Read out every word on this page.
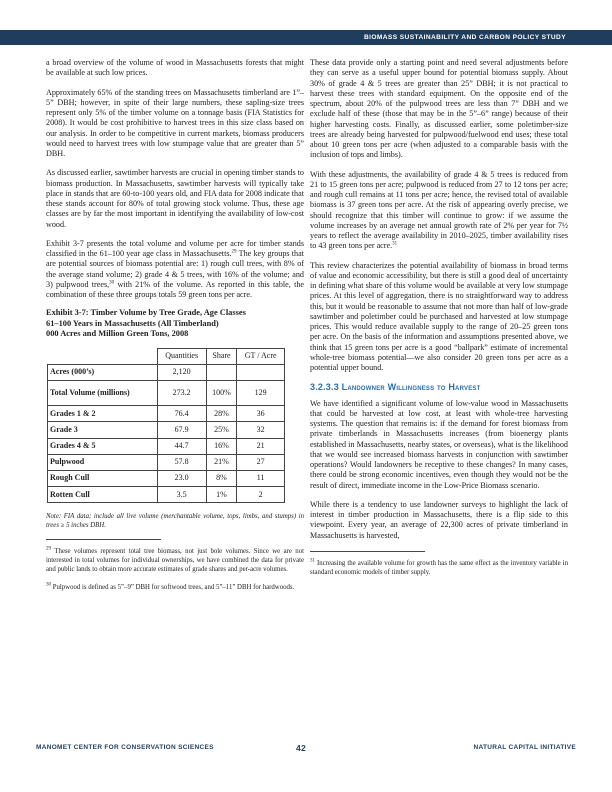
BIOMASS SUSTAINABILITY AND CARBON POLICY STUDY

a broad overview of the volume of wood in Massachusetts forests that might be available at such low prices.

Approximately 65% of the standing trees on Massachusetts timberland are 1”–5” DBH; however, in spite of their large numbers, these sapling-size trees represent only 5% of the timber volume on a tonnage basis (FIA Statistics for 2008). It would be cost prohibitive to harvest trees in this size class based on our analysis. In order to be competitive in current markets, biomass producers would need to harvest trees with low stumpage value that are greater than 5” DBH.

As discussed earlier, sawtimber harvests are crucial in opening timber stands to biomass production. In Massachusetts, sawtimber harvests will typically take place in stands that are 60-to-100 years old, and FIA data for 2008 indicate that these stands account for 80% of total growing stock volume. Thus, these age classes are by far the most important in identifying the availability of low-cost wood.

Exhibit 3-7 presents the total volume and volume per acre for timber stands classified in the 61–100 year age class in Massachusetts.$^{29}$ The key groups that are potential sources of biomass potential are: 1) rough cull trees, with 8% of the average stand volume; 2) grade 4 & 5 trees, with 16% of the volume; and 3) pulpwood trees,$^{30}$ with 21% of the volume. As reported in this table, the combination of these three groups totals 59 green tons per acre.

Exhibit 3-7: Timber Volume by Tree Grade, Age Classes
61–100 Years in Massachusetts (All Timberland)
000 Acres and Million Green Tons, 2008
	Quantities	Share	GT / Acre
Acres (000’s)	2,120		
Total Volume (millions)	273.2	100%	129
Grades 1 & 2	76.4	28%	36
Grade 3	67.9	25%	32
Grades 4 & 5	44.7	16%	21
Pulpwood	57.8	21%	27
Rough Cull	23.0	8%	11
Rotten Cull	3.5	1%	2

Note: FIA data; include all live volume (merchantable volume, tops, limbs, and stumps) in trees ≥ 5 inches DBH.

$^{29}$ These volumes represent total tree biomass, not just bole volumes. Since we are not interested in total volumes for individual ownerships, we have combined the data for private and public lands to obtain more accurate estimates of grade shares and per-acre volumes.

$^{30}$ Pulpwood is defined as 5”–9” DBH for softwood trees, and 5”–11” DBH for hardwoods.

These data provide only a starting point and need several adjustments before they can serve as a useful upper bound for potential biomass supply. About 30% of grade 4 & 5 trees are greater than 25” DBH; it is not practical to harvest these trees with standard equipment. On the opposite end of the spectrum, about 20% of the pulpwood trees are less than 7” DBH and we exclude half of these (those that may be in the 5”–6” range) because of their higher harvesting costs. Finally, as discussed earlier, some poletimber-size trees are already being harvested for pulpwood/fuelwood end uses; these total about 10 green tons per acre (when adjusted to a comparable basis with the inclusion of tops and limbs).

With these adjustments, the availability of grade 4 & 5 trees is reduced from 21 to 15 green tons per acre; pulpwood is reduced from 27 to 12 tons per acre; and rough cull remains at 11 tons per acre; hence, the revised total of available biomass is 37 green tons per acre. At the risk of appearing overly precise, we should recognize that this timber will continue to grow: if we assume the volume increases by an average net annual growth rate of 2% per year for 7½ years to reflect the average availability in 2010–2025, timber availability rises to 43 green tons per acre.$^{31}$

This review characterizes the potential availability of biomass in broad terms of value and economic accessibility, but there is still a good deal of uncertainty in defining what share of this volume would be available at very low stumpage prices. At this level of aggregation, there is no straightforward way to address this, but it would be reasonable to assume that not more than half of low-grade sawtimber and poletimber could be purchased and harvested at low stumpage prices. This would reduce available supply to the range of 20–25 green tons per acre. On the basis of the information and assumptions presented above, we think that 15 green tons per acre is a good “ballpark” estimate of incremental whole-tree biomass potential—we also consider 20 green tons per acre as a potential upper bound.

3.2.3.3 Landowner Willingness to Harvest

We have identified a significant volume of low-value wood in Massachusetts that could be harvested at low cost, at least with whole-tree harvesting systems. The question that remains is: if the demand for forest biomass from private timberlands in Massachusetts increases (from bioenergy plants established in Massachusetts, nearby states, or overseas), what is the likelihood that we would see increased biomass harvests in conjunction with sawtimber operations? Would landowners be receptive to these changes? In many cases, there could be strong economic incentives, even though they would not be the result of direct, immediate income in the Low-Price Biomass scenario.

While there is a tendency to use landowner surveys to highlight the lack of interest in timber production in Massachusetts, there is a flip side to this viewpoint. Every year, an average of 22,300 acres of private timberland in Massachusetts is harvested,

$^{31}$ Increasing the available volume for growth has the same effect as the inventory variable in standard economic models of timber supply.

MANOMET CENTER FOR CONSERVATION SCIENCES	42	NATURAL CAPITAL INITIATIVE
